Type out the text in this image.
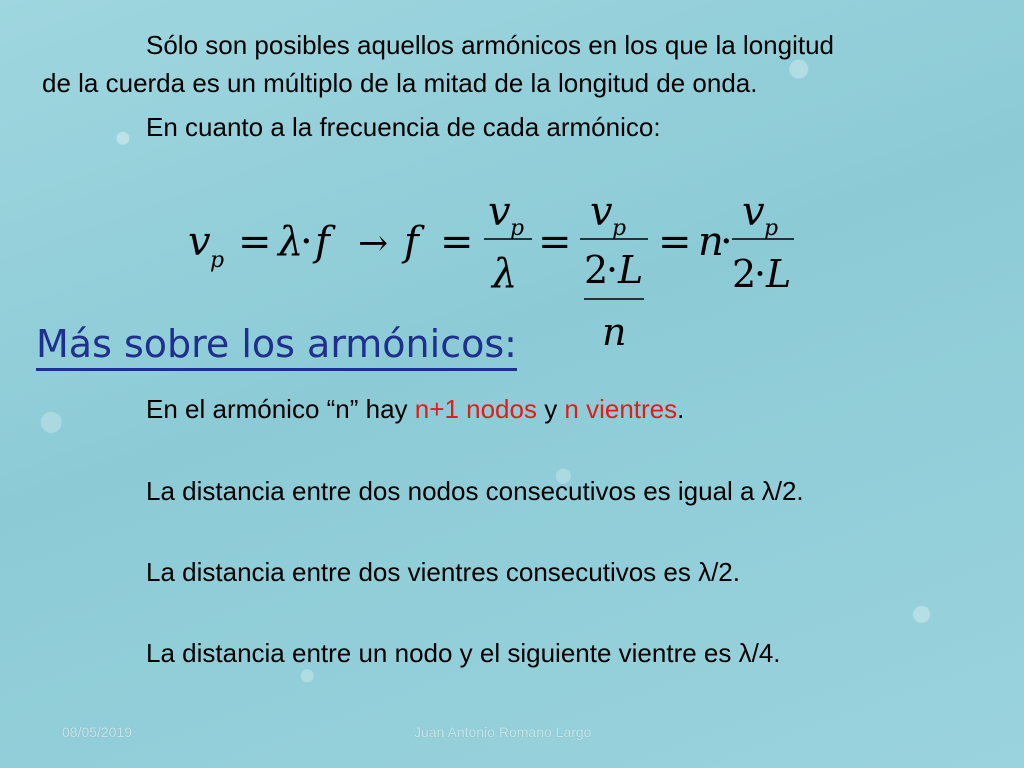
Sólo son posibles aquellos armónicos en los que la longitud
de la cuerda es un múltiplo de la mitad de la longitud de onda.
En cuanto a la frecuencia de cada armónico:
v p = λ
· f → f =
v p
λ
=
v p
2
· L
n
= n
·
v p
2
· L
Más sobre los armónicos:
En el armónico “n” hay n+1 nodos y n vientres.
La distancia entre dos nodos consecutivos es igual a λ/2.
La distancia entre dos vientres consecutivos es λ/2.
La distancia entre un nodo y el siguiente vientre es λ/4.
08/05/2019	Juan Antonio Romano Largo
